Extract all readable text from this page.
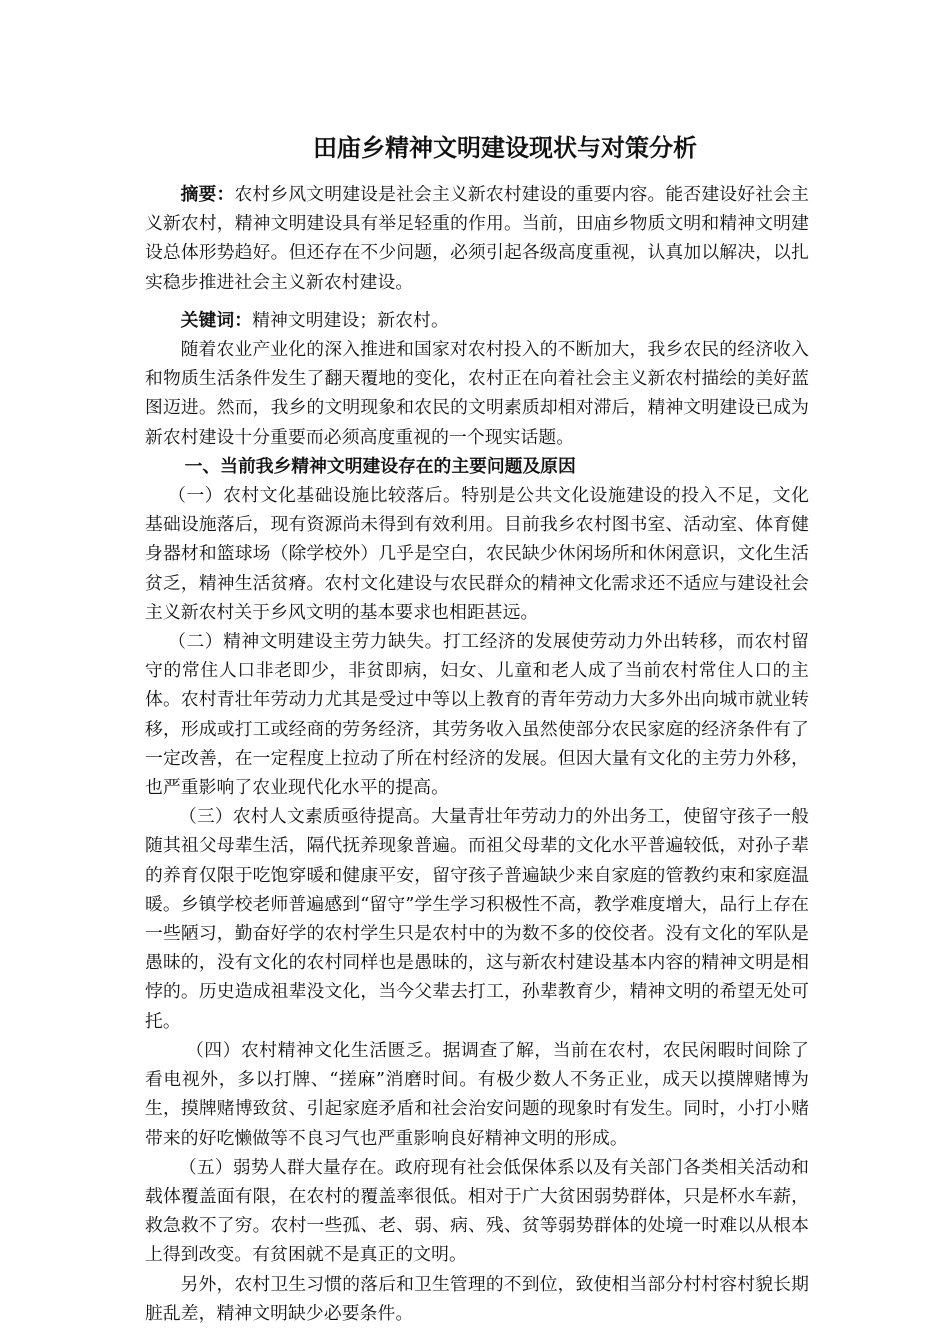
田庙乡精神文明建设现状与对策分析

摘要：农村乡风文明建设是社会主义新农村建设的重要内容。能否建设好社会主义新农村，精神文明建设具有举足轻重的作用。当前，田庙乡物质文明和精神文明建设总体形势趋好。但还存在不少问题，必须引起各级高度重视，认真加以解决，以扎实稳步推进社会主义新农村建设。

关键词：精神文明建设；新农村。

随着农业产业化的深入推进和国家对农村投入的不断加大，我乡农民的经济收入和物质生活条件发生了翻天覆地的变化，农村正在向着社会主义新农村描绘的美好蓝图迈进。然而，我乡的文明现象和农民的文明素质却相对滞后，精神文明建设已成为新农村建设十分重要而必须高度重视的一个现实话题。

一、当前我乡精神文明建设存在的主要问题及原因

（一）农村文化基础设施比较落后。特别是公共文化设施建设的投入不足，文化基础设施落后，现有资源尚未得到有效利用。目前我乡农村图书室、活动室、体育健身器材和篮球场（除学校外）几乎是空白，农民缺少休闲场所和休闲意识，文化生活贫乏，精神生活贫瘠。农村文化建设与农民群众的精神文化需求还不适应与建设社会主义新农村关于乡风文明的基本要求也相距甚远。

（二）精神文明建设主劳力缺失。打工经济的发展使劳动力外出转移，而农村留守的常住人口非老即少，非贫即病，妇女、儿童和老人成了当前农村常住人口的主体。农村青壮年劳动力尤其是受过中等以上教育的青年劳动力大多外出向城市就业转移，形成或打工或经商的劳务经济，其劳务收入虽然使部分农民家庭的经济条件有了一定改善，在一定程度上拉动了所在村经济的发展。但因大量有文化的主劳力外移，也严重影响了农业现代化水平的提高。

（三）农村人文素质亟待提高。大量青壮年劳动力的外出务工，使留守孩子一般随其祖父母辈生活，隔代抚养现象普遍。而祖父母辈的文化水平普遍较低，对孙子辈的养育仅限于吃饱穿暖和健康平安，留守孩子普遍缺少来自家庭的管教约束和家庭温暖。乡镇学校老师普遍感到“留守”学生学习积极性不高，教学难度增大，品行上存在一些陋习，勤奋好学的农村学生只是农村中的为数不多的佼佼者。没有文化的军队是愚昧的，没有文化的农村同样也是愚昧的，这与新农村建设基本内容的精神文明是相悖的。历史造成祖辈没文化，当今父辈去打工，孙辈教育少，精神文明的希望无处可托。

（四）农村精神文化生活匮乏。据调查了解，当前在农村，农民闲暇时间除了看电视外，多以打牌、“搓麻”消磨时间。有极少数人不务正业，成天以摸牌赌博为生，摸牌赌博致贫、引起家庭矛盾和社会治安问题的现象时有发生。同时，小打小赌带来的好吃懒做等不良习气也严重影响良好精神文明的形成。

（五）弱势人群大量存在。政府现有社会低保体系以及有关部门各类相关活动和载体覆盖面有限，在农村的覆盖率很低。相对于广大贫困弱势群体，只是杯水车薪，救急救不了穷。农村一些孤、老、弱、病、残、贫等弱势群体的处境一时难以从根本上得到改变。有贫困就不是真正的文明。

另外，农村卫生习惯的落后和卫生管理的不到位，致使相当部分村村容村貌长期脏乱差，精神文明缺少必要条件。
